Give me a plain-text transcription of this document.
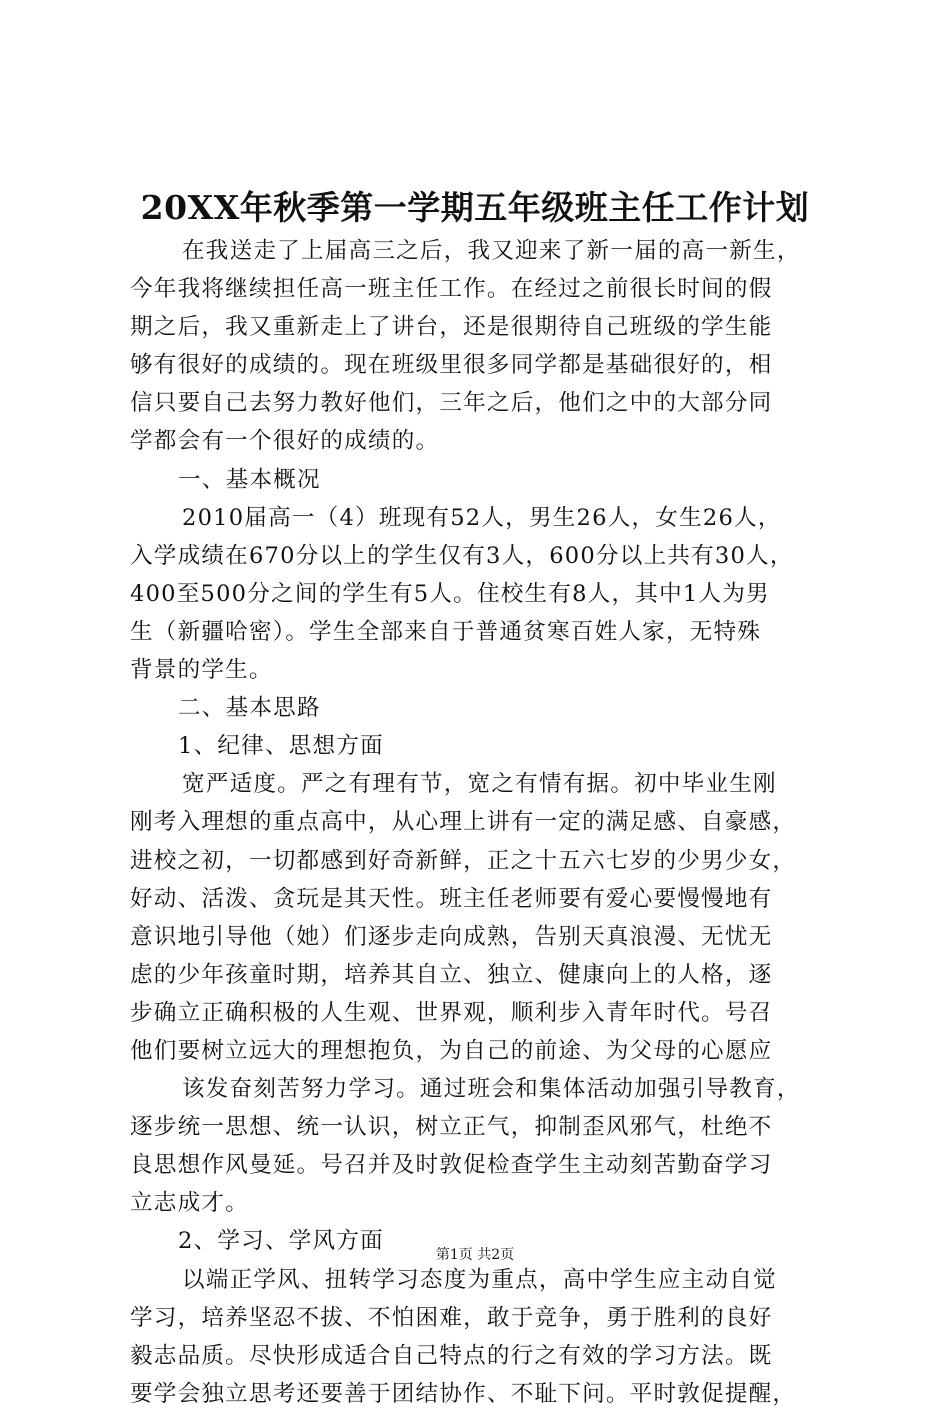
20XX年秋季第一学期五年级班主任工作计划
在我送走了上届高三之后，我又迎来了新一届的高一新生，
今年我将继续担任高一班主任工作。在经过之前很长时间的假
期之后，我又重新走上了讲台，还是很期待自己班级的学生能
够有很好的成绩的。现在班级里很多同学都是基础很好的，相
信只要自己去努力教好他们，三年之后，他们之中的大部分同
学都会有一个很好的成绩的。
一、基本概况
2010届高一（4）班现有52人，男生26人，女生26人，
入学成绩在670分以上的学生仅有3人，600分以上共有30人，
400至500分之间的学生有5人。住校生有8人，其中1人为男
生（新疆哈密）。学生全部来自于普通贫寒百姓人家，无特殊
背景的学生。
二、基本思路
1、纪律、思想方面
宽严适度。严之有理有节，宽之有情有据。初中毕业生刚
刚考入理想的重点高中，从心理上讲有一定的满足感、自豪感，
进校之初，一切都感到好奇新鲜，正之十五六七岁的少男少女，
好动、活泼、贪玩是其天性。班主任老师要有爱心要慢慢地有
意识地引导他（她）们逐步走向成熟，告别天真浪漫、无忧无
虑的少年孩童时期，培养其自立、独立、健康向上的人格，逐
步确立正确积极的人生观、世界观，顺利步入青年时代。号召
他们要树立远大的理想抱负，为自己的前途、为父母的心愿应
该发奋刻苦努力学习。通过班会和集体活动加强引导教育，
逐步统一思想、统一认识，树立正气，抑制歪风邪气，杜绝不
良思想作风曼延。号召并及时敦促检查学生主动刻苦勤奋学习
立志成才。
2、学习、学风方面
以端正学风、扭转学习态度为重点，高中学生应主动自觉
学习，培养坚忍不拔、不怕困难，敢于竞争，勇于胜利的良好
毅志品质。尽快形成适合自己特点的行之有效的学习方法。既
要学会独立思考还要善于团结协作、不耻下问。平时敦促提醒，
第1页 共2页
